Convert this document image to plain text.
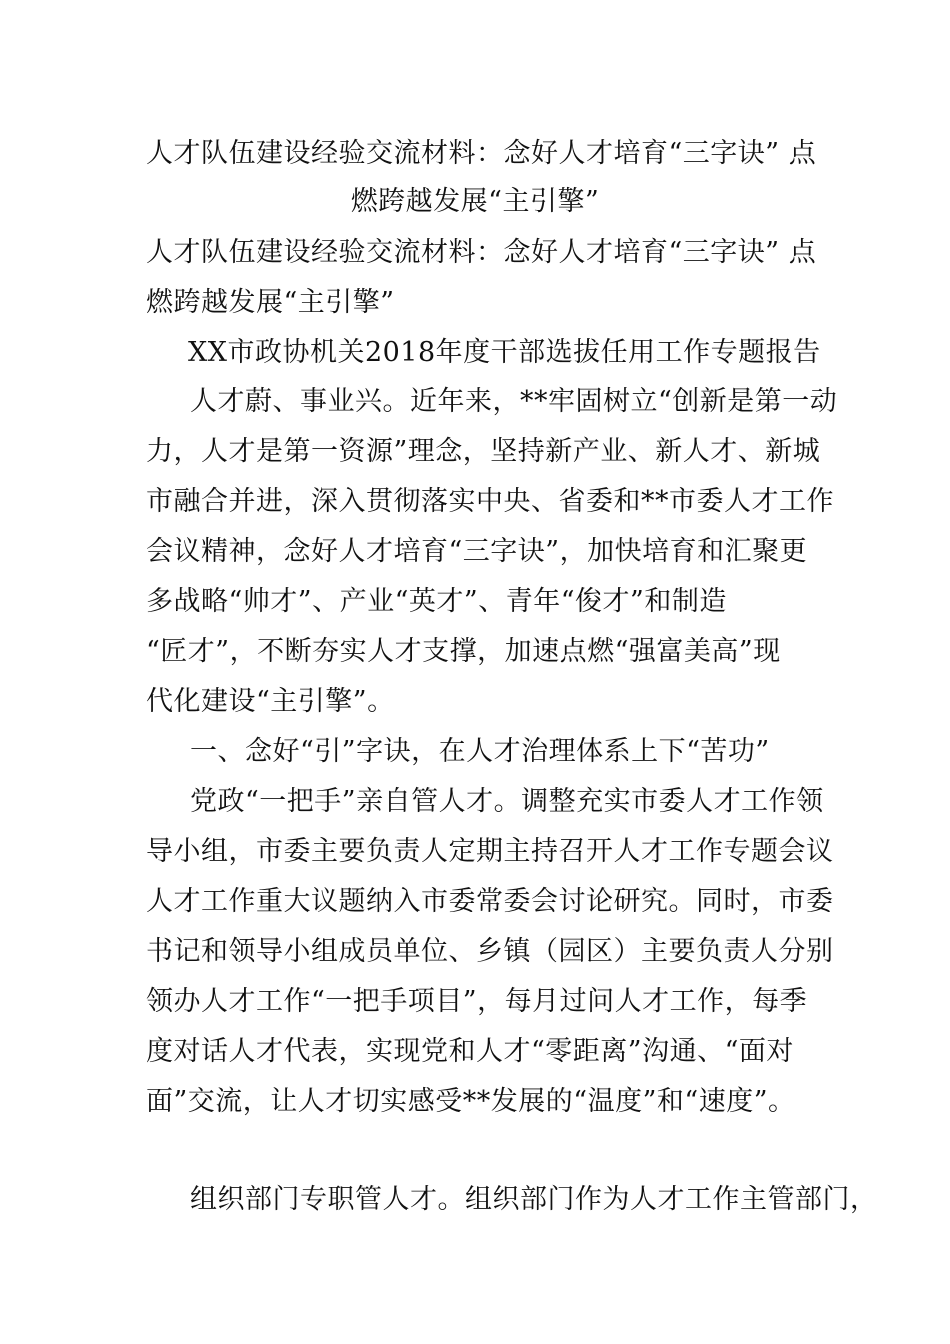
人才队伍建设经验交流材料：念好人才培育“三字诀” 点
燃跨越发展“主引擎”
人才队伍建设经验交流材料：念好人才培育“三字诀” 点
燃跨越发展“主引擎”
XX市政协机关2018年度干部选拔任用工作专题报告
人才蔚、事业兴。近年来，**牢固树立“创新是第一动
力，人才是第一资源”理念，坚持新产业、新人才、新城
市融合并进，深入贯彻落实中央、省委和**市委人才工作
会议精神，念好人才培育“三字诀”，加快培育和汇聚更
多战略“帅才”、产业“英才”、青年“俊才”和制造
“匠才”，不断夯实人才支撑，加速点燃“强富美高”现
代化建设“主引擎”。
一、念好“引”字诀，在人才治理体系上下“苦功”
党政“一把手”亲自管人才。调整充实市委人才工作领
导小组，市委主要负责人定期主持召开人才工作专题会议
人才工作重大议题纳入市委常委会讨论研究。同时，市委
书记和领导小组成员单位、乡镇（园区）主要负责人分别
领办人才工作“一把手项目”，每月过问人才工作，每季
度对话人才代表，实现党和人才“零距离”沟通、“面对
面”交流，让人才切实感受**发展的“温度”和“速度”。
组织部门专职管人才。组织部门作为人才工作主管部门，
